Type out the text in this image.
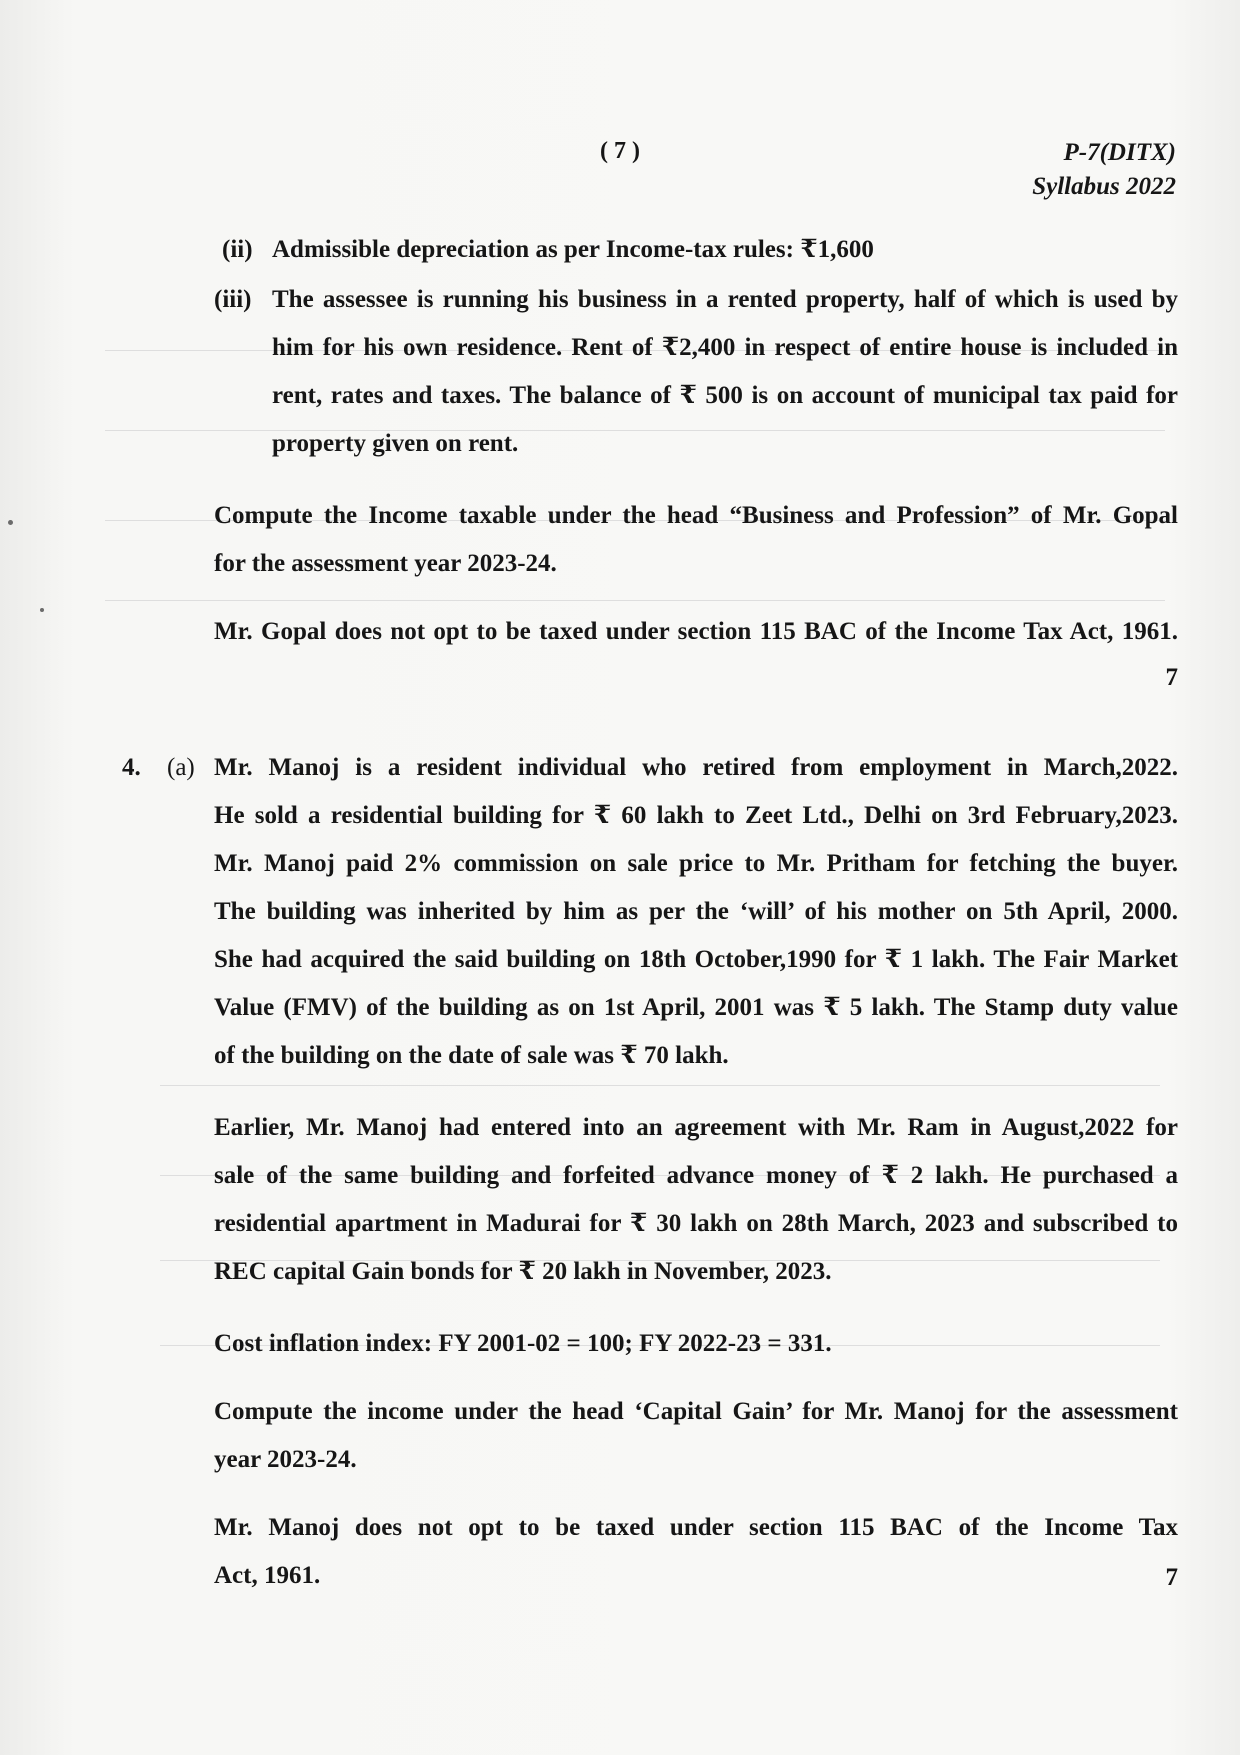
( 7 )	P-7(DITX)
Syllabus 2022
(ii) Admissible depreciation as per Income-tax rules: ₹1,600
(iii) The assessee is running his business in a rented property, half of which is used by
him for his own residence. Rent of ₹2,400 in respect of entire house is included in
rent, rates and taxes. The balance of ₹ 500 is on account of municipal tax paid for
property given on rent.
Compute the Income taxable under the head “Business and Profession” of Mr. Gopal
for the assessment year 2023-24.
Mr. Gopal does not opt to be taxed under section 115 BAC of the Income Tax Act, 1961.
7
4. (a) Mr. Manoj is a resident individual who retired from employment in March,2022.
He sold a residential building for ₹ 60 lakh to Zeet Ltd., Delhi on 3rd February,2023.
Mr. Manoj paid 2% commission on sale price to Mr. Pritham for fetching the buyer.
The building was inherited by him as per the ‘will’ of his mother on 5th April, 2000.
She had acquired the said building on 18th October,1990 for ₹ 1 lakh. The Fair Market
Value (FMV) of the building as on 1st April, 2001 was ₹ 5 lakh. The Stamp duty value
of the building on the date of sale was ₹ 70 lakh.
Earlier, Mr. Manoj had entered into an agreement with Mr. Ram in August,2022 for
sale of the same building and forfeited advance money of ₹ 2 lakh. He purchased a
residential apartment in Madurai for ₹ 30 lakh on 28th March, 2023 and subscribed to
REC capital Gain bonds for ₹ 20 lakh in November, 2023.
Cost inflation index: FY 2001-02 = 100; FY 2022-23 = 331.
Compute the income under the head ‘Capital Gain’ for Mr. Manoj for the assessment
year 2023-24.
Mr. Manoj does not opt to be taxed under section 115 BAC of the Income Tax
Act, 1961.	7
